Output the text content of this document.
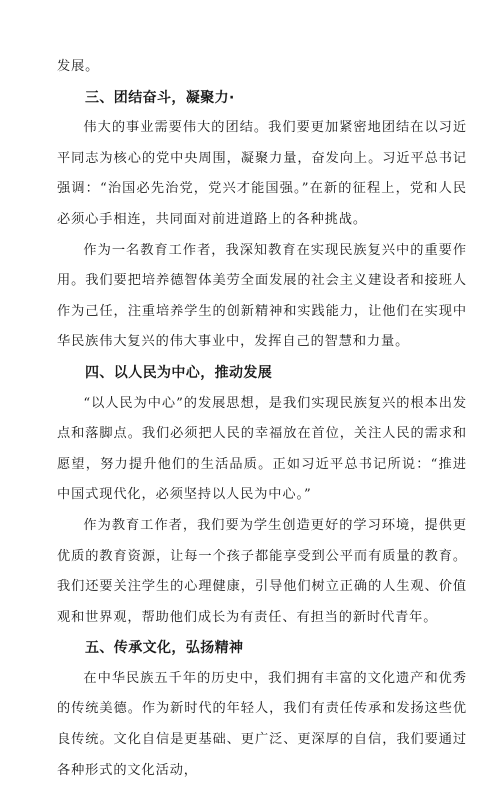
发展。

三、团结奋斗，凝聚力·

伟大的事业需要伟大的团结。我们要更加紧密地团结在以习近平同志为核心的党中央周围，凝聚力量，奋发向上。习近平总书记强调：“治国必先治党，党兴才能国强。”在新的征程上，党和人民必须心手相连，共同面对前进道路上的各种挑战。

作为一名教育工作者，我深知教育在实现民族复兴中的重要作用。我们要把培养德智体美劳全面发展的社会主义建设者和接班人作为己任，注重培养学生的创新精神和实践能力，让他们在实现中华民族伟大复兴的伟大事业中，发挥自己的智慧和力量。

四、以人民为中心，推动发展

“以人民为中心”的发展思想，是我们实现民族复兴的根本出发点和落脚点。我们必须把人民的幸福放在首位，关注人民的需求和愿望，努力提升他们的生活品质。正如习近平总书记所说：“推进中国式现代化，必须坚持以人民为中心。”

作为教育工作者，我们要为学生创造更好的学习环境，提供更优质的教育资源，让每一个孩子都能享受到公平而有质量的教育。我们还要关注学生的心理健康，引导他们树立正确的人生观、价值观和世界观，帮助他们成长为有责任、有担当的新时代青年。

五、传承文化，弘扬精神

在中华民族五千年的历史中，我们拥有丰富的文化遗产和优秀的传统美德。作为新时代的年轻人，我们有责任传承和发扬这些优良传统。文化自信是更基础、更广泛、更深厚的自信，我们要通过各种形式的文化活动，
